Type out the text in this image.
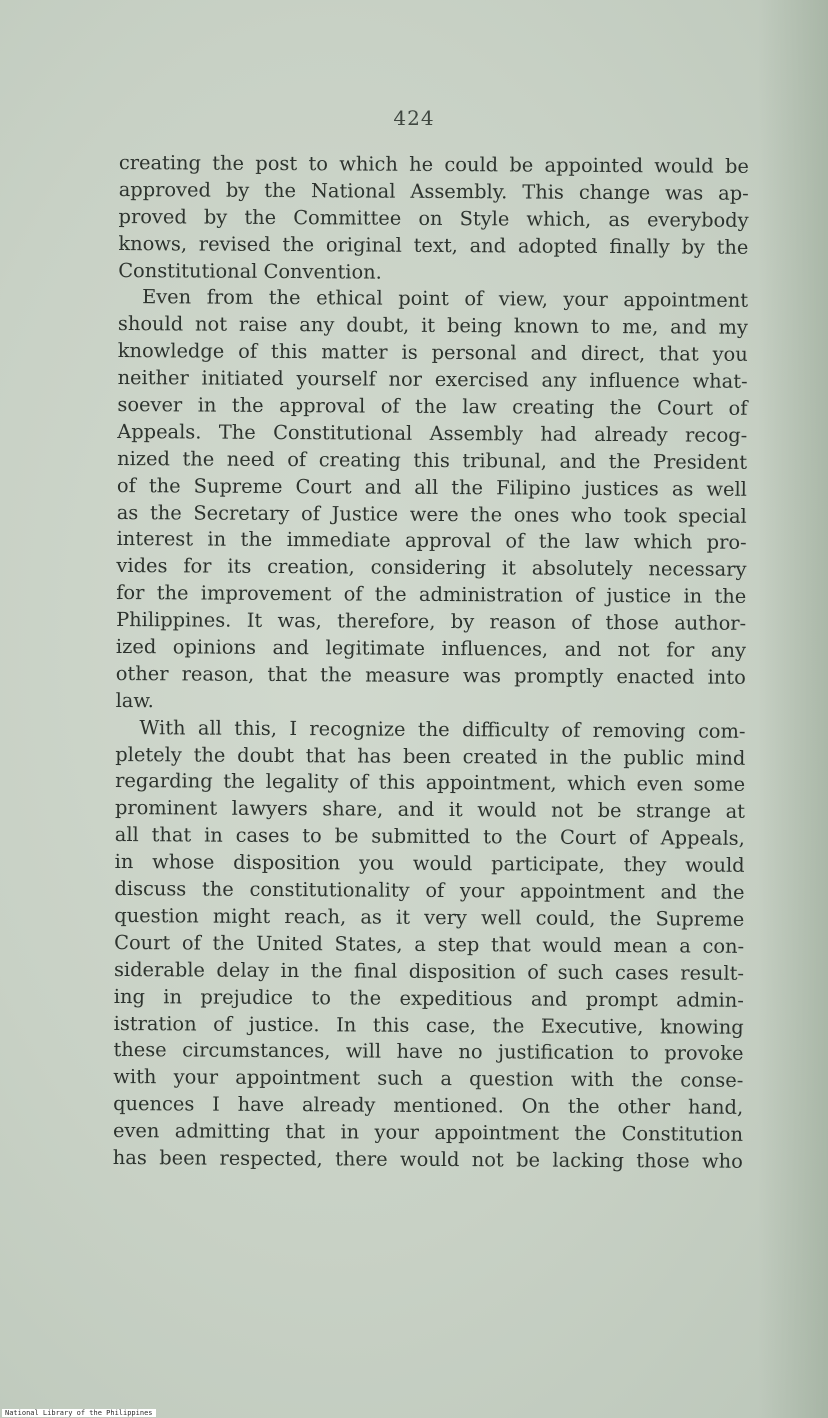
424
creating the post to which he could be appointed would be
approved by the National Assembly. This change was ap-
proved by the Committee on Style which, as everybody
knows, revised the original text, and adopted finally by the
Constitutional Convention.
Even from the ethical point of view, your appointment
should not raise any doubt, it being known to me, and my
knowledge of this matter is personal and direct, that you
neither initiated yourself nor exercised any influence what-
soever in the approval of the law creating the Court of
Appeals. The Constitutional Assembly had already recog-
nized the need of creating this tribunal, and the President
of the Supreme Court and all the Filipino justices as well
as the Secretary of Justice were the ones who took special
interest in the immediate approval of the law which pro-
vides for its creation, considering it absolutely necessary
for the improvement of the administration of justice in the
Philippines. It was, therefore, by reason of those author-
ized opinions and legitimate influences, and not for any
other reason, that the measure was promptly enacted into
law.
With all this, I recognize the difficulty of removing com-
pletely the doubt that has been created in the public mind
regarding the legality of this appointment, which even some
prominent lawyers share, and it would not be strange at
all that in cases to be submitted to the Court of Appeals,
in whose disposition you would participate, they would
discuss the constitutionality of your appointment and the
question might reach, as it very well could, the Supreme
Court of the United States, a step that would mean a con-
siderable delay in the final disposition of such cases result-
ing in prejudice to the expeditious and prompt admin-
istration of justice. In this case, the Executive, knowing
these circumstances, will have no justification to provoke
with your appointment such a question with the conse-
quences I have already mentioned. On the other hand,
even admitting that in your appointment the Constitution
has been respected, there would not be lacking those who
National Library of the Philippines
